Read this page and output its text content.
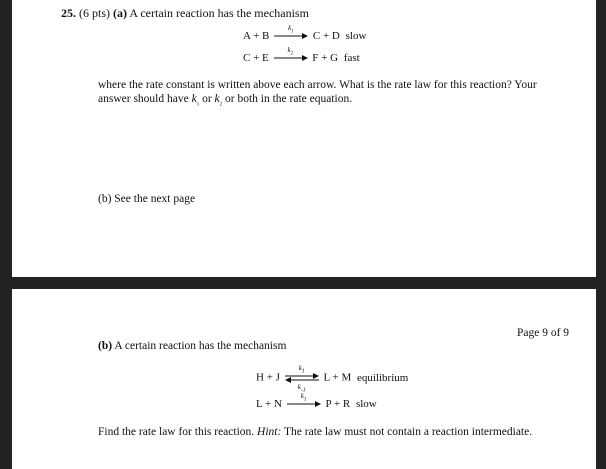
25. (6 pts) (a) A certain reaction has the mechanism
A + B
$k_1$ C + D slow
C + E
$k_2$ F + G fast
where the rate constant is written above each arrow. What is the rate law for this reaction? Your
answer should have $k_1$ or $k_2$ or both in the rate equation.
(b) See the next page
Page 9 of 9
(b) A certain reaction has the mechanism
H + J
$k_1$
$k_{-1}$
L + M equilibrium
L + N
$k_3$ P + R slow
Find the rate law for this reaction. Hint: The rate law must not contain a reaction intermediate.
